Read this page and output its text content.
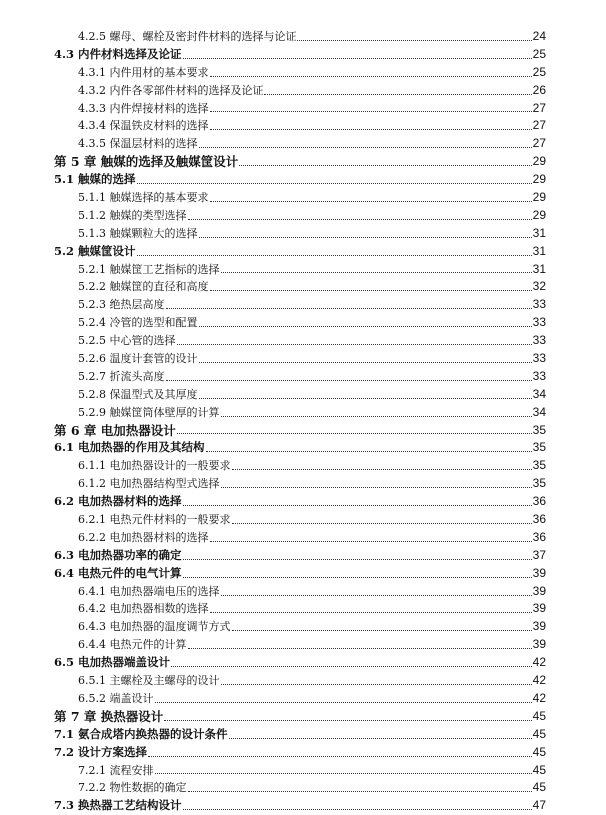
4.2.5 螺母、螺栓及密封件材料的选择与论证	24
4.3 内件材料选择及论证	25
4.3.1 内件用材的基本要求	25
4.3.2 内件各零部件材料的选择及论证	26
4.3.3 内件焊接材料的选择	27
4.3.4 保温铁皮材料的选择	27
4.3.5 保温层材料的选择	27
第 5 章 触媒的选择及触媒筐设计	29
5.1 触媒的选择	29
5.1.1 触媒选择的基本要求	29
5.1.2 触媒的类型选择	29
5.1.3 触媒颗粒大的选择	31
5.2 触媒筐设计	31
5.2.1 触媒筐工艺指标的选择	31
5.2.2 触媒筐的直径和高度	32
5.2.3 绝热层高度	33
5.2.4 冷管的选型和配置	33
5.2.5 中心管的选择	33
5.2.6 温度计套管的设计	33
5.2.7 折流头高度	33
5.2.8 保温型式及其厚度	34
5.2.9 触媒筐筒体壁厚的计算	34
第 6 章 电加热器设计	35
6.1 电加热器的作用及其结构	35
6.1.1 电加热器设计的一般要求	35
6.1.2 电加热器结构型式选择	35
6.2 电加热器材料的选择	36
6.2.1 电热元件材料的一般要求	36
6.2.2 电加热器材料的选择	36
6.3 电加热器功率的确定	37
6.4 电热元件的电气计算	39
6.4.1 电加热器端电压的选择	39
6.4.2 电加热器相数的选择	39
6.4.3 电加热器的温度调节方式	39
6.4.4 电热元件的计算	39
6.5 电加热器端盖设计	42
6.5.1 主螺栓及主螺母的设计	42
6.5.2 端盖设计	42
第 7 章 换热器设计	45
7.1 氨合成塔内换热器的设计条件	45
7.2 设计方案选择	45
7.2.1 流程安排	45
7.2.2 物性数据的确定	45
7.3 换热器工艺结构设计	47
